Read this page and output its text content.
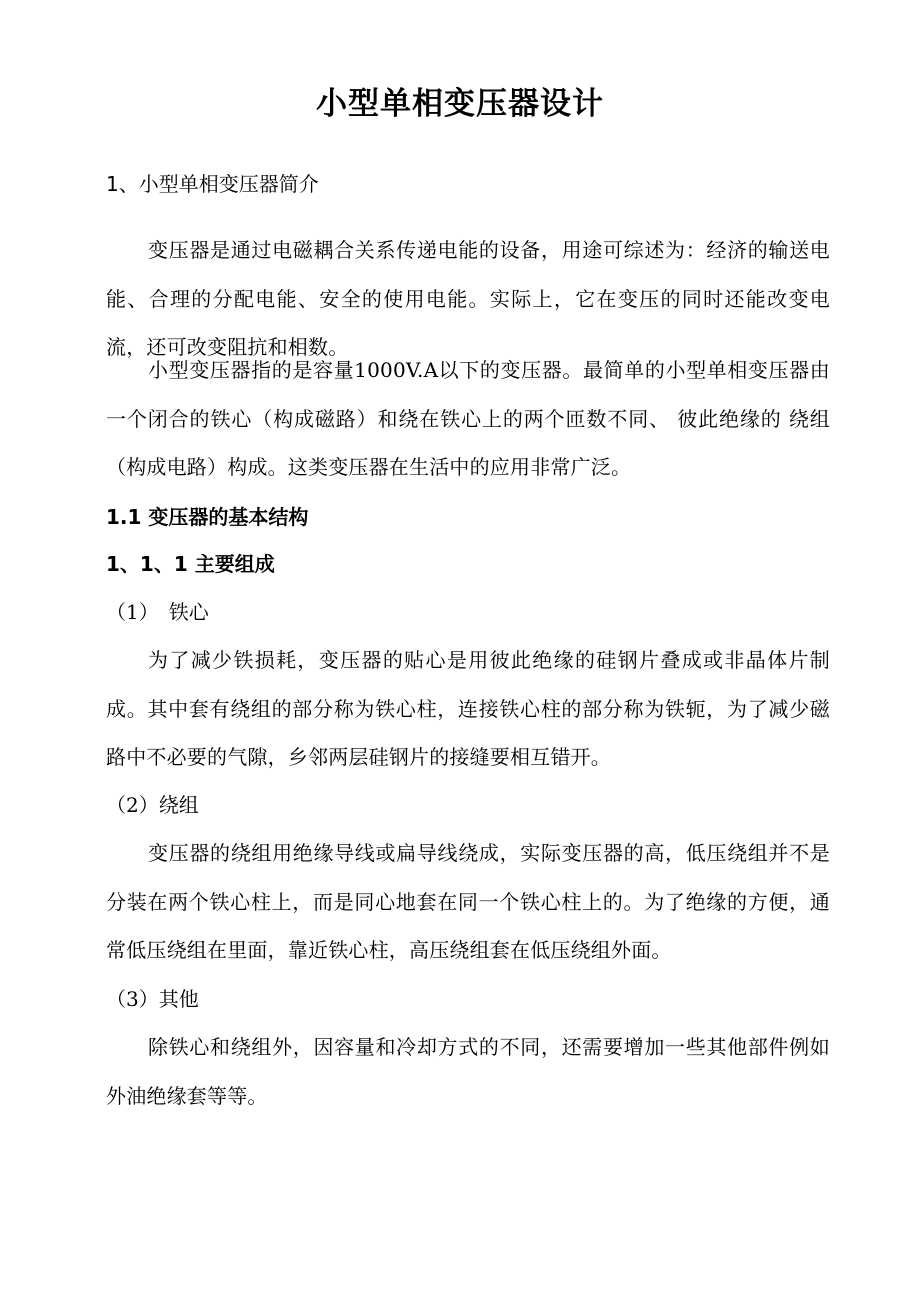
小型单相变压器设计
1、小型单相变压器简介
变压器是通过电磁耦合关系传递电能的设备，用途可综述为：经济的输送电能、合理的分配电能、安全的使用电能。实际上，它在变压的同时还能改变电流，还可改变阻抗和相数。
小型变压器指的是容量1000V.A以下的变压器。最简单的小型单相变压器由一个闭合的铁心（构成磁路）和绕在铁心上的两个匝数不同、 彼此绝缘的 绕组（构成电路）构成。这类变压器在生活中的应用非常广泛。
1.1 变压器的基本结构
1、1、1 主要组成
（1）　铁心
为了减少铁损耗，变压器的贴心是用彼此绝缘的硅钢片叠成或非晶体片制成。其中套有绕组的部分称为铁心柱，连接铁心柱的部分称为铁轭，为了减少磁路中不必要的气隙，乡邻两层硅钢片的接缝要相互错开。
（2）绕组
变压器的绕组用绝缘导线或扁导线绕成，实际变压器的高，低压绕组并不是分装在两个铁心柱上，而是同心地套在同一个铁心柱上的。为了绝缘的方便，通常低压绕组在里面，靠近铁心柱，高压绕组套在低压绕组外面。
（3）其他
除铁心和绕组外，因容量和冷却方式的不同，还需要增加一些其他部件例如外油绝缘套等等。
